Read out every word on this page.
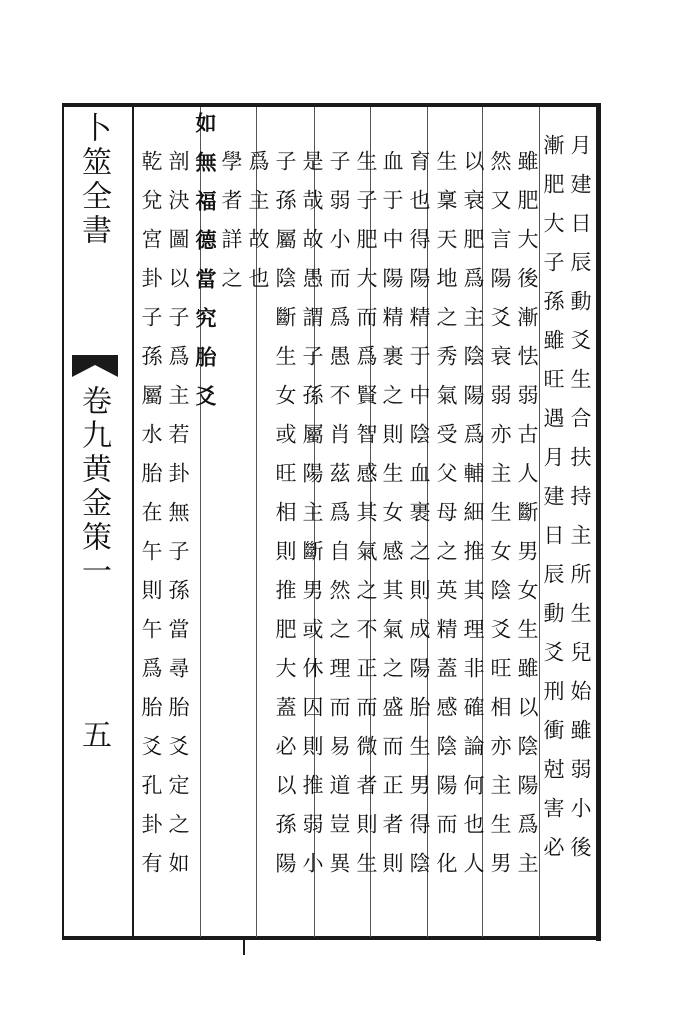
卜筮全書
卷九黄金策一
五	月建日辰動爻生合扶持主所生兒始雖弱小後
漸肥大子孫雖旺遇月建日辰動爻刑衝尅害必
雖肥大後漸怯弱古人斷男女生雖以陰陽爲主
然又言陽爻衰弱亦主生女陰爻旺相亦主生男
以衰肥爲主陰陽爲輔細推其理非確論何也人
生稟天地之秀氣受父母之英精蓋感陰陽而化
育也得陽精于中陰血裹之則成陽胎生男得陰
血于中陽精裹之則生女感其氣之盛而正者則
生子肥大而爲賢智感其氣之不正而微者則生
子弱小而爲愚不肖茲爲自然之理而易道豈異
是哉故愚謂子孫屬陽主斷男或休囚則推弱小
子孫屬陰斷生女或旺相則推肥大蓋必以孫陽
爲主故也
學者詳之
如無福德當究胎爻
剖決圖以子爲主若卦無子孫當尋胎爻定之如
乾兌宮卦子孫屬水胎在午則午爲胎爻孔卦有
